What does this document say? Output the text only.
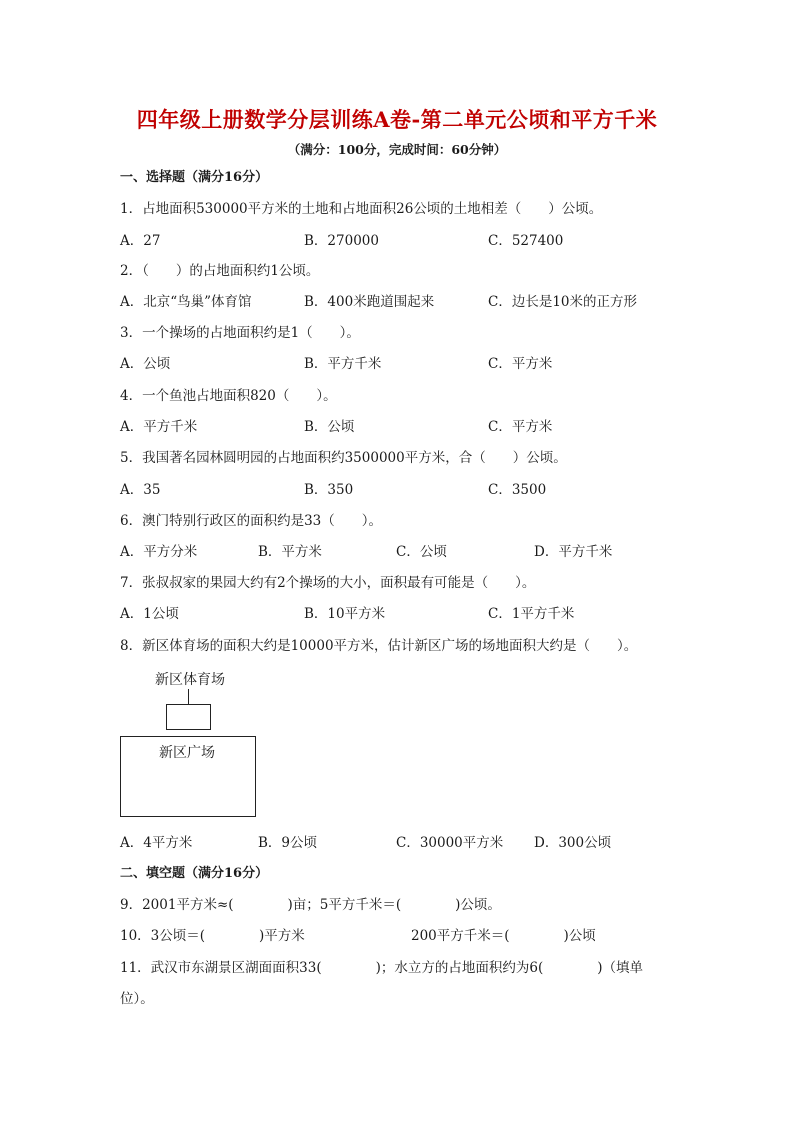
四年级上册数学分层训练A卷-第二单元公顷和平方千米
（满分：100分，完成时间：60分钟）
一、选择题（满分16分）
1．占地面积530000平方米的土地和占地面积26公顷的土地相差（　　）公顷。
A．27	B．270000	C．527400
2．（　　）的占地面积约1公顷。
A．北京“鸟巢”体育馆	B．400米跑道围起来	C．边长是10米的正方形
3．一个操场的占地面积约是1（　　）。
A．公顷	B．平方千米	C．平方米
4．一个鱼池占地面积820（　　）。
A．平方千米	B．公顷	C．平方米
5．我国著名园林圆明园的占地面积约3500000平方米，合（　　）公顷。
A．35	B．350	C．3500
6．澳门特别行政区的面积约是33（　　）。
A．平方分米	B．平方米	C．公顷	D．平方千米
7．张叔叔家的果园大约有2个操场的大小，面积最有可能是（　　）。
A．1公顷	B．10平方米	C．1平方千米
8．新区体育场的面积大约是10000平方米，估计新区广场的场地面积大约是（　　）。
新区体育场
新区广场
A．4平方米	B．9公顷	C．30000平方米 D．300公顷
二、填空题（满分16分）
9．2001平方米≈(　　　　)亩；5平方千米＝(　　　　)公顷。
10．3公顷＝(　　　　)平方米	200平方千米＝(　　　　)公顷
11．武汉市东湖景区湖面面积33(　　　　)；水立方的占地面积约为6(　　　　)（填单
位）。
